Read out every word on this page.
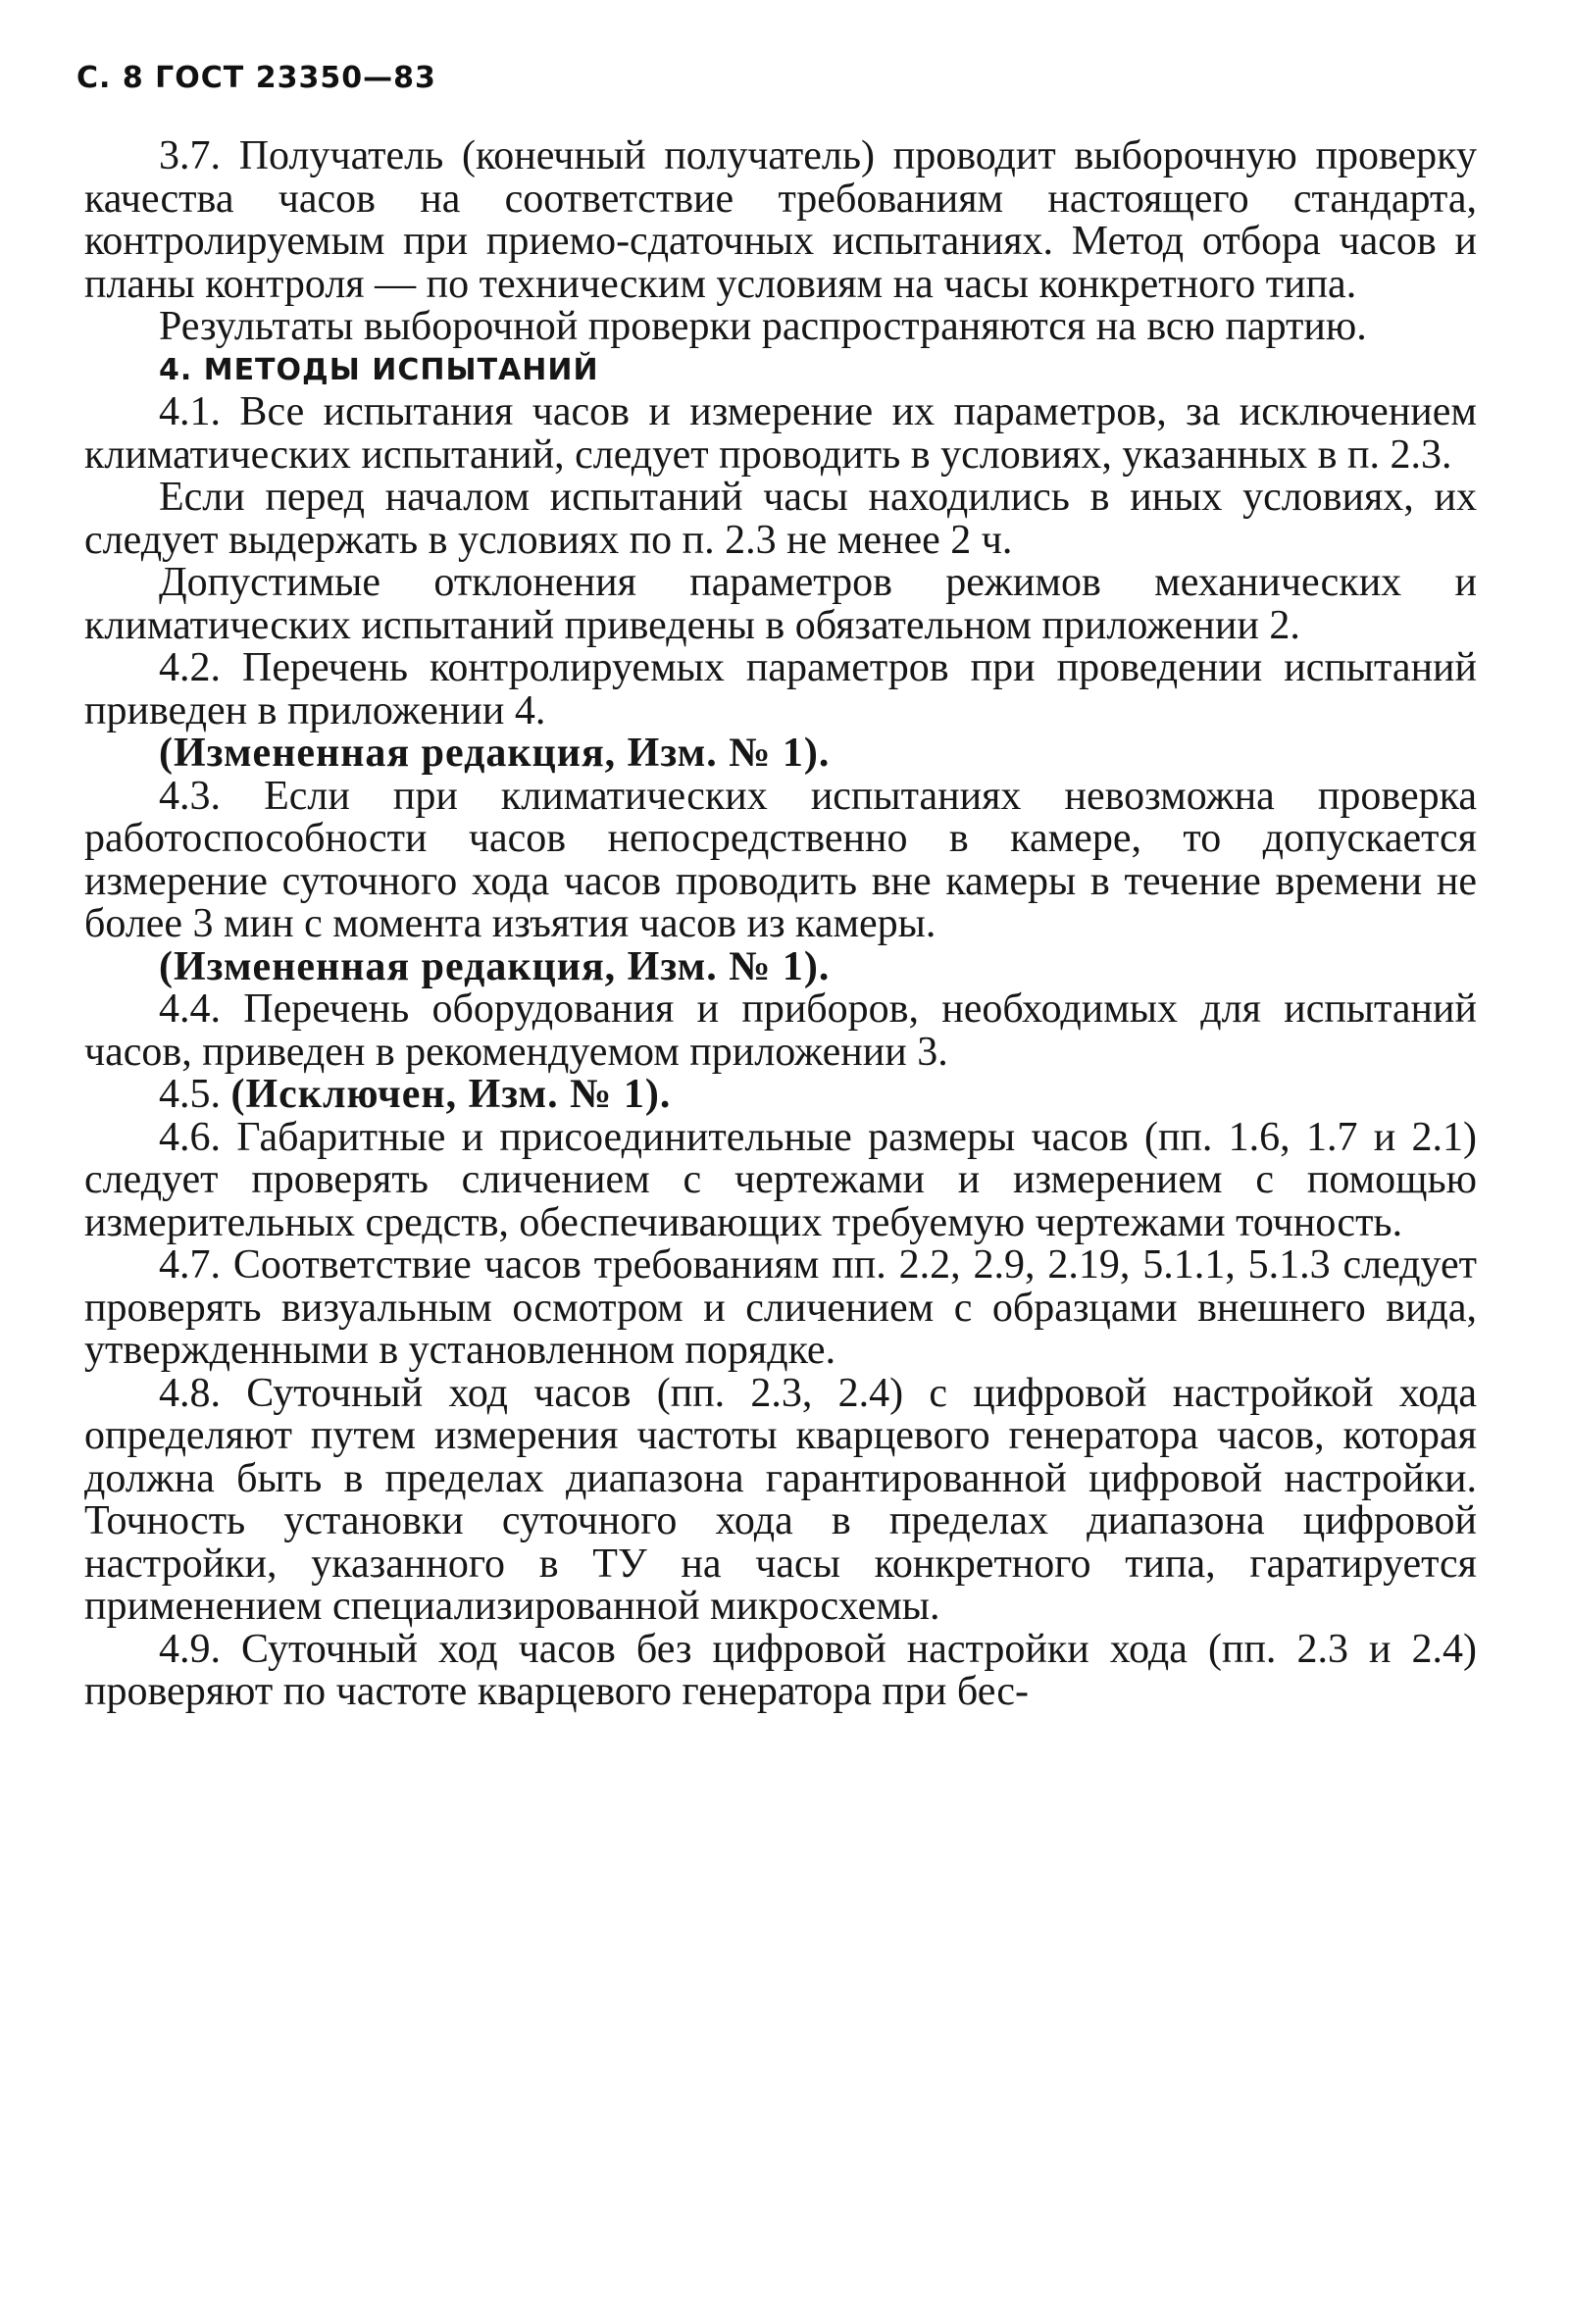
С. 8 ГОСТ 23350—83

3.7. Получатель (конечный получатель) проводит выборочную проверку качества часов на соответствие требованиям настоящего стандарта, контролируемым при приемо-сдаточных испытаниях. Метод отбора часов и планы контроля — по техническим условиям на часы конкретного типа.

Результаты выборочной проверки распространяются на всю партию.

4. МЕТОДЫ ИСПЫТАНИЙ

4.1. Все испытания часов и измерение их параметров, за исключением климатических испытаний, следует проводить в условиях, указанных в п. 2.3.

Если перед началом испытаний часы находились в иных условиях, их следует выдержать в условиях по п. 2.3 не менее 2 ч.

Допустимые отклонения параметров режимов механических и климатических испытаний приведены в обязательном приложении 2.

4.2. Перечень контролируемых параметров при проведении испытаний приведен в приложении 4.

(Измененная редакция, Изм. № 1).

4.3. Если при климатических испытаниях невозможна проверка работоспособности часов непосредственно в камере, то допускается измерение суточного хода часов проводить вне камеры в течение времени не более 3 мин с момента изъятия часов из камеры.

(Измененная редакция, Изм. № 1).

4.4. Перечень оборудования и приборов, необходимых для испытаний часов, приведен в рекомендуемом приложении 3.

4.5. (Исключен, Изм. № 1).

4.6. Габаритные и присоединительные размеры часов (пп. 1.6, 1.7 и 2.1) следует проверять сличением с чертежами и измерением с помощью измерительных средств, обеспечивающих требуемую чертежами точность.

4.7. Соответствие часов требованиям пп. 2.2, 2.9, 2.19, 5.1.1, 5.1.3 следует проверять визуальным осмотром и сличением с образцами внешнего вида, утвержденными в установленном порядке.

4.8. Суточный ход часов (пп. 2.3, 2.4) с цифровой настройкой хода определяют путем измерения частоты кварцевого генератора часов, которая должна быть в пределах диапазона гарантированной цифровой настройки. Точность установки суточного хода в пределах диапазона цифровой настройки, указанного в ТУ на часы конкретного типа, гаратируется применением специализированной микросхемы.

4.9. Суточный ход часов без цифровой настройки хода (пп. 2.3 и 2.4) проверяют по частоте кварцевого генератора при бес-
